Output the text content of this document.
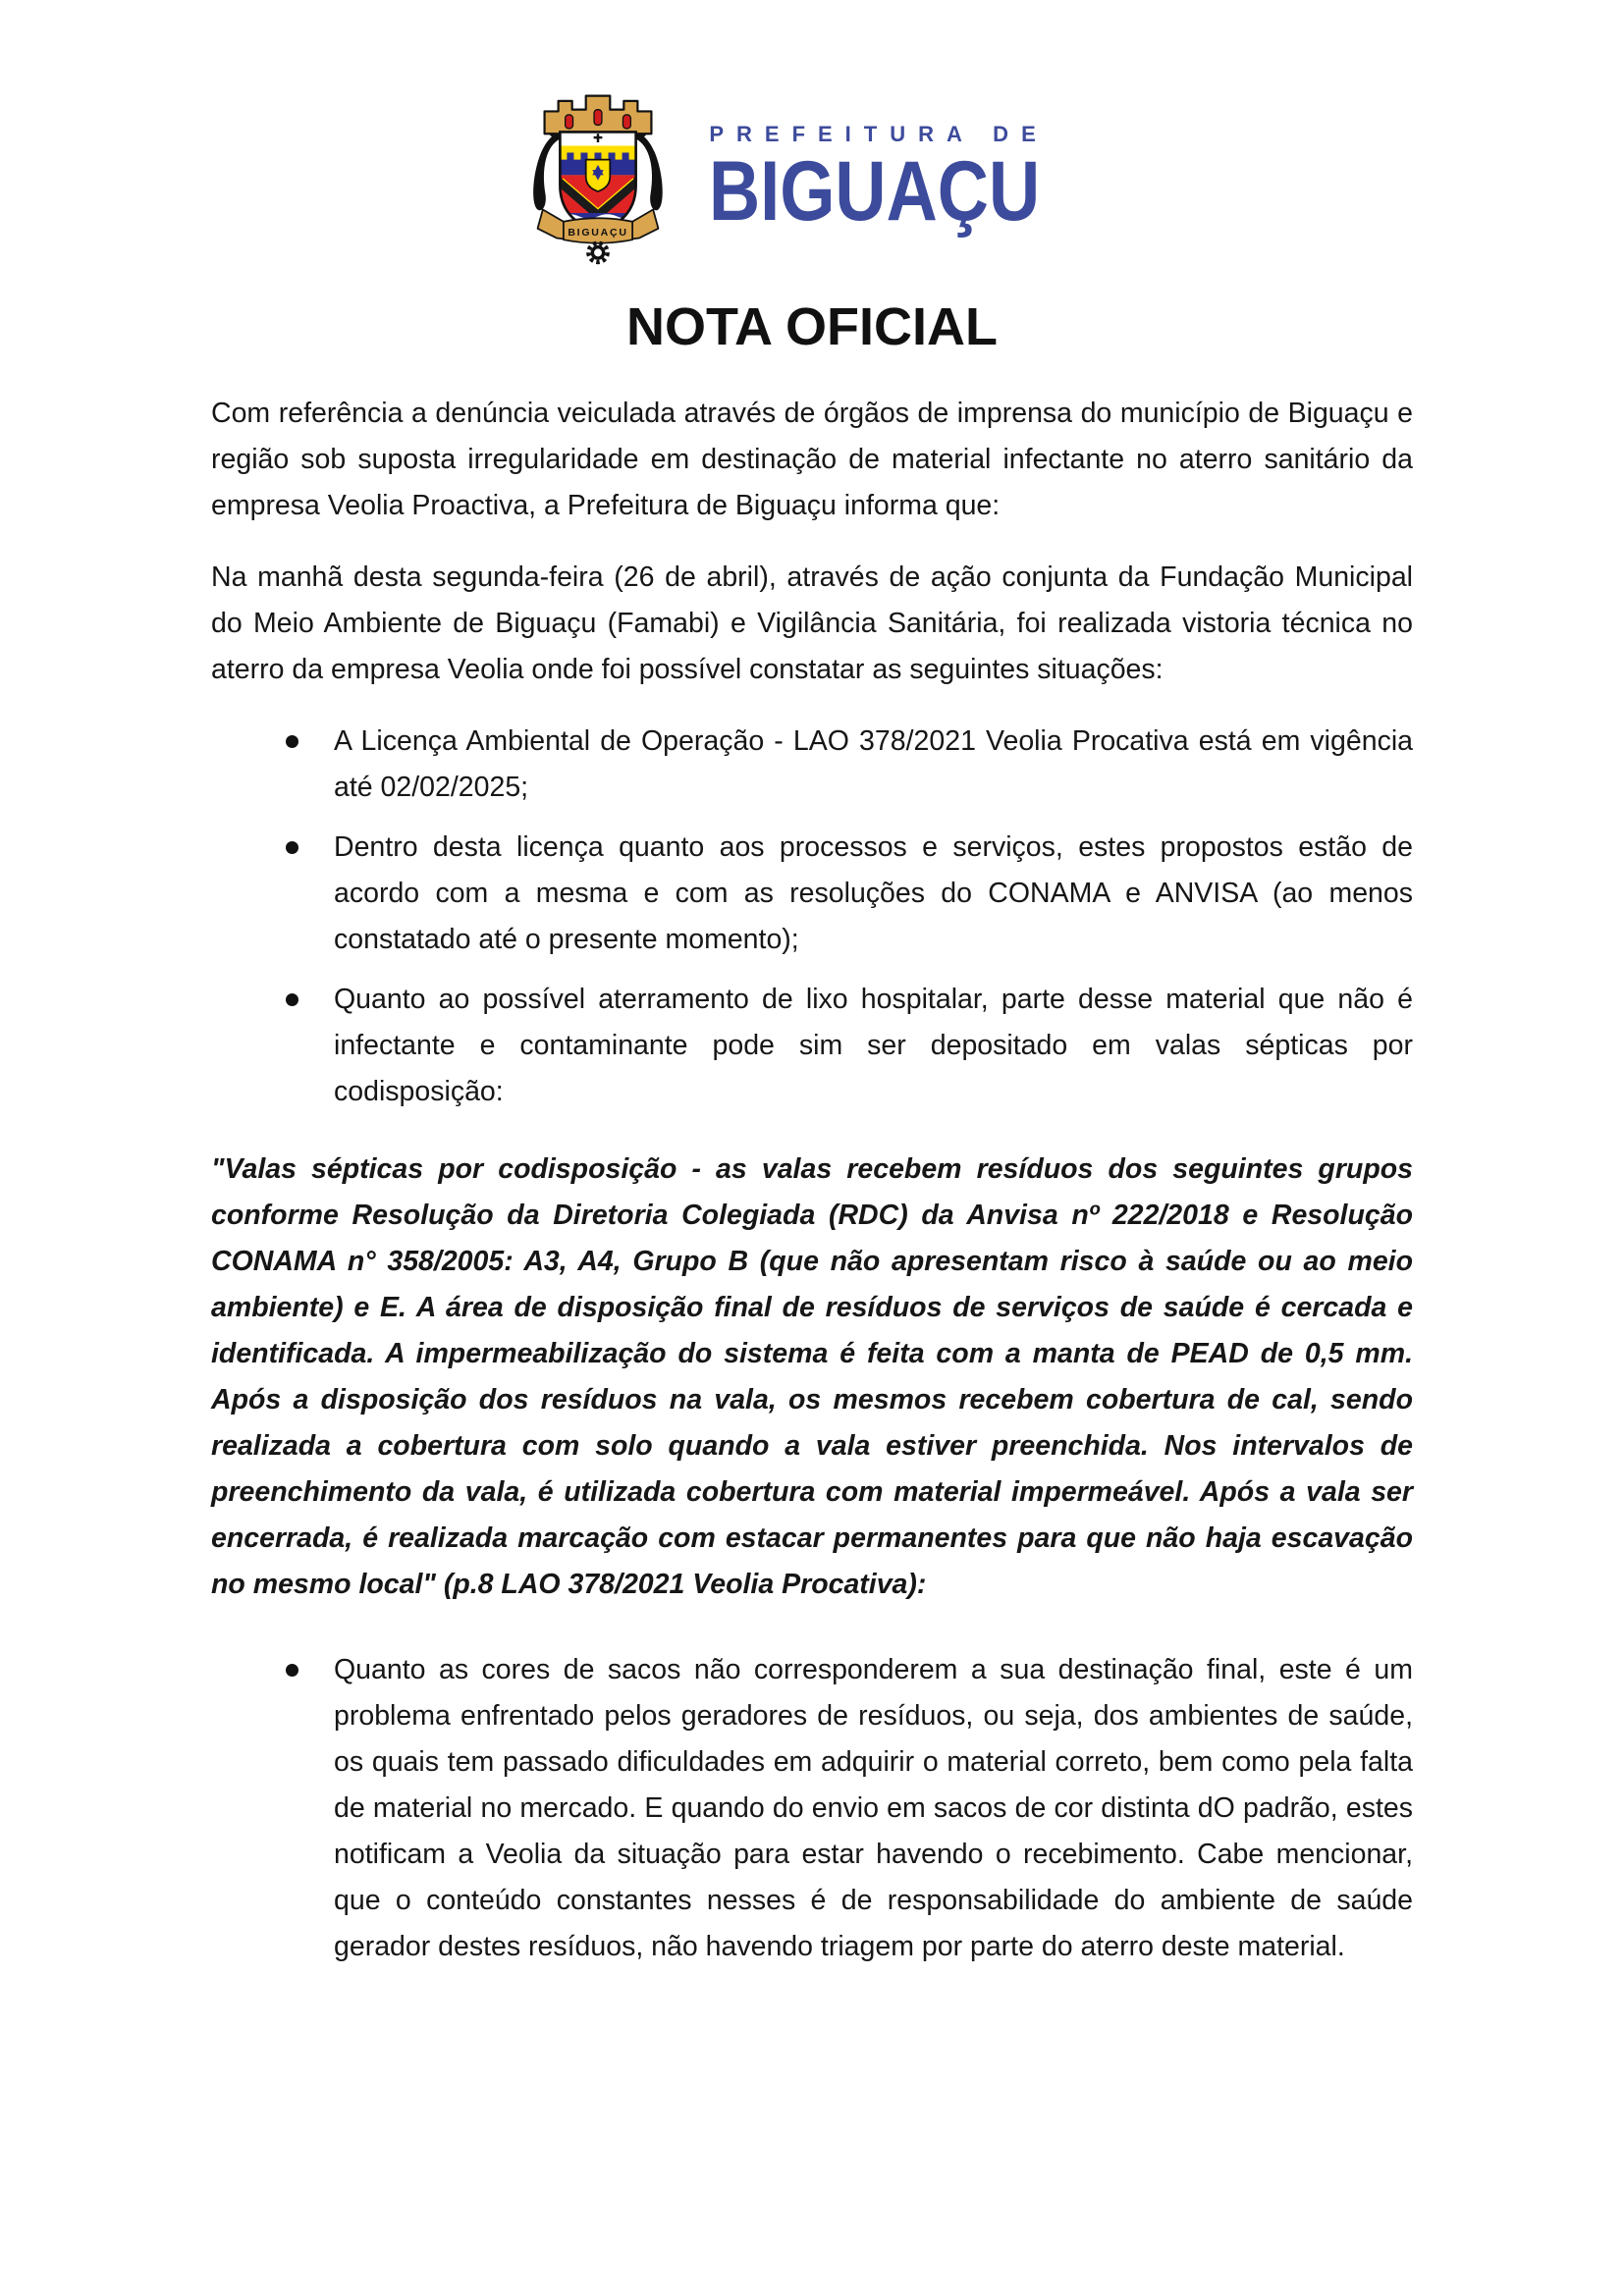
BIGUAÇU
PREFEITURA DE
BIGUAÇU
NOTA OFICIAL

Com referência a denúncia veiculada através de órgãos de imprensa do município de Biguaçu e região sob suposta irregularidade em destinação de material infectante no aterro sanitário da empresa Veolia Proactiva, a Prefeitura de Biguaçu informa que:

Na manhã desta segunda-feira (26 de abril), através de ação conjunta da Fundação Municipal do Meio Ambiente de Biguaçu (Famabi) e Vigilância Sanitária, foi realizada vistoria técnica no aterro da empresa Veolia onde foi possível constatar as seguintes situações:

A Licença Ambiental de Operação - LAO 378/2021 Veolia Procativa está em vigência até 02/02/2025;
Dentro desta licença quanto aos processos e serviços, estes propostos estão de acordo com a mesma e com as resoluções do CONAMA e ANVISA (ao menos constatado até o presente momento);
Quanto ao possível aterramento de lixo hospitalar, parte desse material que não é infectante e contaminante pode sim ser depositado em valas sépticas por codisposição:

"Valas sépticas por codisposição - as valas recebem resíduos dos seguintes grupos conforme Resolução da Diretoria Colegiada (RDC) da Anvisa nº 222/2018 e Resolução CONAMA n° 358/2005: A3, A4, Grupo B (que não apresentam risco à saúde ou ao meio ambiente) e E. A área de disposição final de resíduos de serviços de saúde é cercada e identificada. A impermeabilização do sistema é feita com a manta de PEAD de 0,5 mm. Após a disposição dos resíduos na vala, os mesmos recebem cobertura de cal, sendo realizada a cobertura com solo quando a vala estiver preenchida. Nos intervalos de preenchimento da vala, é utilizada cobertura com material impermeável. Após a vala ser encerrada, é realizada marcação com estacar permanentes para que não haja escavação no mesmo local" (p.8 LAO 378/2021 Veolia Procativa):

Quanto as cores de sacos não corresponderem a sua destinação final, este é um problema enfrentado pelos geradores de resíduos, ou seja, dos ambientes de saúde, os quais tem passado dificuldades em adquirir o material correto, bem como pela falta de material no mercado. E quando do envio em sacos de cor distinta dO padrão, estes notificam a Veolia da situação para estar havendo o recebimento. Cabe mencionar, que o conteúdo constantes nesses é de responsabilidade do ambiente de saúde gerador destes resíduos, não havendo triagem por parte do aterro deste material.
